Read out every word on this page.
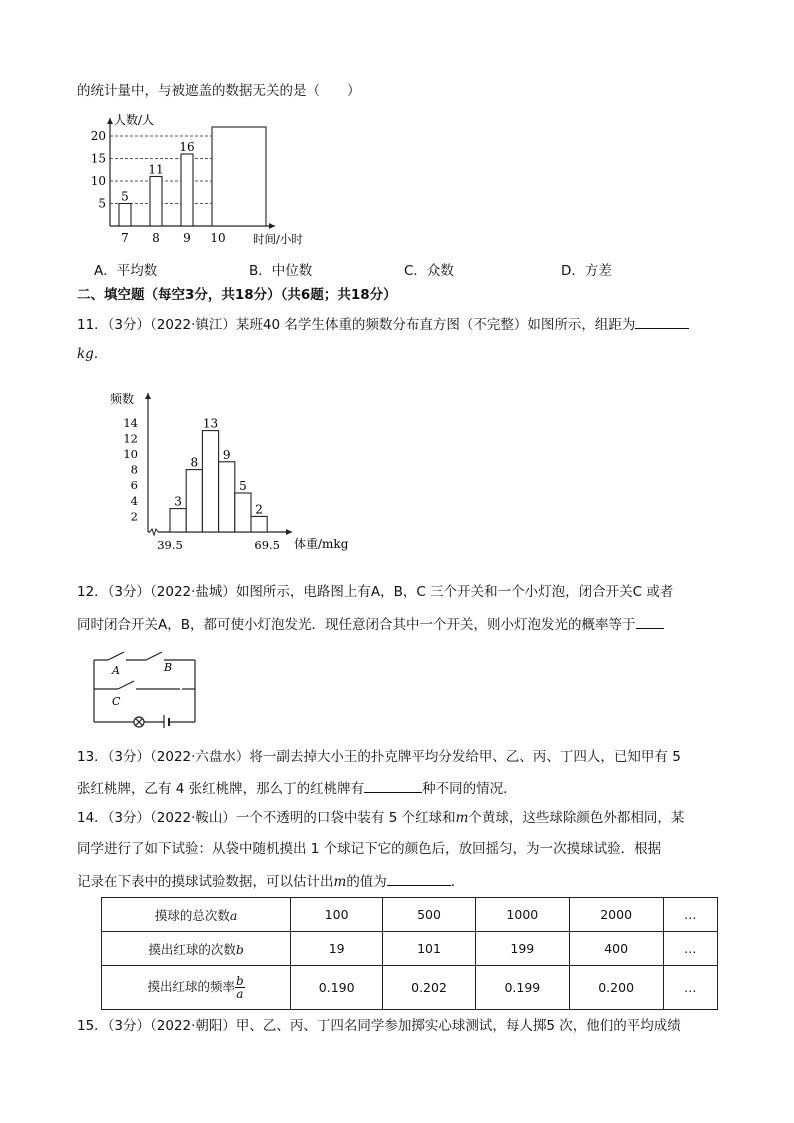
的统计量中，与被遮盖的数据无关的是（　　）
人数/人
时间/小时
5
10
15
20
5
7
11
8
16
9 10
A．平均数	B．中位数	C．众数	D．方差
二、填空题（每空3分，共18分）（共6题；共18分）
11．（3分）（2022·镇江）某班40 名学生体重的频数分布直方图（不完整）如图所示，组距为
kg．
频数
体重/mkg
2
4
6
8
10
12
14
3
8
13
9
5
2
39.5	69.5
12．（3分）（2022·盐城）如图所示，电路图上有A，B，C 三个开关和一个小灯泡，闭合开关C 或者
同时闭合开关A，B，都可使小灯泡发光．现任意闭合其中一个开关，则小灯泡发光的概率等于
A	B
C
13．（3分）（2022·六盘水）将一副去掉大小王的扑克牌平均分发给甲、乙、丙、丁四人，已知甲有 5
张红桃牌，乙有 4 张红桃牌，那么丁的红桃牌有	种不同的情况．
14．（3分）（2022·鞍山）一个不透明的口袋中装有 5 个红球和m个黄球，这些球除颜色外都相同，某
同学进行了如下试验：从袋中随机摸出 1 个球记下它的颜色后，放回摇匀，为一次摸球试验．根据
记录在下表中的摸球试验数据，可以估计出m的值为	．
摸球的总次数a	100	500	1000	2000	…
摸出红球的次数b	19	101	199	400	…
摸出红球的频率 $\frac{b}{a}$	0.190	0.202	0.199	0.200	…
15．（3分）（2022·朝阳）甲、乙、丙、丁四名同学参加掷实心球测试，每人掷5 次，他们的平均成绩
